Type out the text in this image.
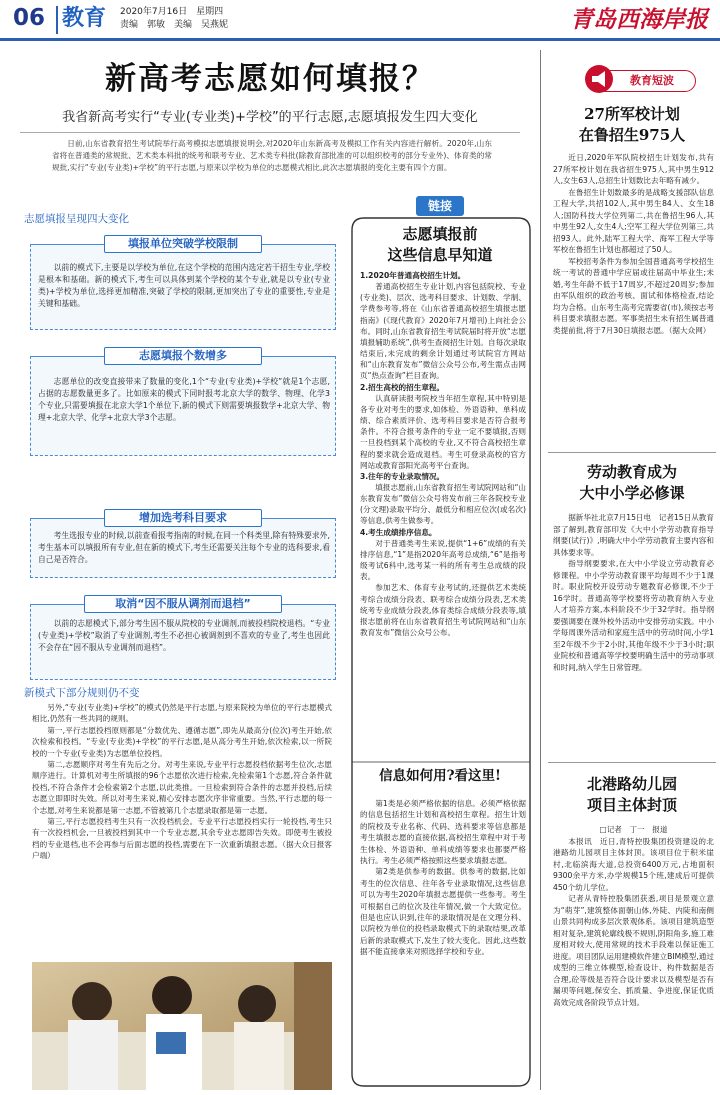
06 教育	2020年7月16日　星期四
责编　郭敏　美编　吴燕妮	青岛西海岸报
新高考志愿如何填报？
我省新高考实行“专业(专业类)+学校”的平行志愿,志愿填报发生四大变化

日前,山东省教育招生考试院举行高考模拟志愿填报说明会,对2020年山东新高考及模拟工作有关内容进行解析。2020年,山东省将在普通类的常规批、艺术类本科批的统考和联考专业、艺术类专科批(除教育部批准的可以组织校考的部分专业外)、体育类的常规批,实行“专业(专业类)+学校”的平行志愿,与原来以学校为单位的志愿模式相比,此次志愿填报的变化主要有四个方面。

志愿填报呈现四大变化
填报单位突破学校限制

以前的模式下,主要是以学校为单位,在这个学校的范围内选定若干招生专业,学校是根本和基础。新的模式下,考生可以具体到某个学校的某个专业,就是以专业(专业类)+学校为单位,选择更加精准,突破了学校的限制,更加突出了专业的重要性,专业是关键和基础。

志愿填报个数增多

志愿单位的改变直接带来了数量的变化,1个“专业(专业类)+学校”就是1个志愿,占据的志愿数量更多了。比如原来的模式下同时报考北京大学的数学、物理、化学3个专业,只需要填报在北京大学1个单位下,新的模式下则需要填报数学+北京大学、物理+北京大学、化学+北京大学3个志愿。

增加选考科目要求

考生选报专业的时候,以前查看报考指南的时候,在同一个科类里,除有特殊要求外,考生基本可以填报所有专业,但在新的模式下,考生还需要关注每个专业的选科要求,看自己是否符合。

取消“因不服从调剂而退档”

以前的志愿模式下,部分考生因不服从院校的专业调剂,而被投档院校退档。“专业(专业类)+学校”取消了专业调剂,考生不必担心被调剂到不喜欢的专业了,考生也因此不会存在“因不服从专业调剂而退档”。

新模式下部分规则仍不变

另外,“专业(专业类)+学校”的模式仍然是平行志愿,与原来院校为单位的平行志愿模式相比,仍然有一些共同的规则。

第一,平行志愿投档原则都是“分数优先、遵循志愿”,即先从最高分(位次)考生开始,依次检索和投档。“专业(专业类)+学校”的平行志愿,是从高分考生开始,依次检索,以一所院校的一个专业(专业类)为志愿单位投档。

第二,志愿顺序对考生有先后之分。对考生来说,专业平行志愿投档依据考生位次,志愿顺序进行。计算机对考生所填报的96个志愿依次进行检索,先检索第1个志愿,符合条件就投档,不符合条件才会检索第2个志愿,以此类推。一旦检索到符合条件的志愿并投档,后续志愿立即即时失效。所以对考生来说,精心安排志愿次序非常重要。当然,平行志愿的每一个志愿,对考生来说都是第一志愿,不管被第几个志愿录取都是第一志愿。

第三,平行志愿投档考生只有一次投档机会。专业平行志愿投档实行一轮投档,考生只有一次投档机会,一旦被投档到其中一个专业志愿,其余专业志愿即告失效。即使考生被投档的专业退档,也不会再参与后面志愿的投档,需要在下一次重新填报志愿。（据大众日报客户端）

链接
志愿填报前
这些信息早知道

1.2020年普通高校招生计划。

普通高校招生专业计划,内容包括院校、专业(专业类)、层次、选考科目要求、计划数、学制、学费参考等,将在《山东省普通高校招生填报志愿指南》(《现代教育》2020年7月增刊)上向社会公布。同时,山东省教育招生考试院届时将开放“志愿填报辅助系统”,供考生查阅招生计划。自每次录取结束后,未完成的剩余计划通过考试院官方网站和“山东教育发布”微信公众号公布,考生需点击网页“热点查询”栏目查询。

2.招生高校的招生章程。

认真研读报考院校当年招生章程,其中特别是各专业对考生的要求,如体检、外语语种、单科成绩、综合素质评价、选考科目要求是否符合报考条件。不符合报考条件的专业一定不要填报,否则一旦投档到某个高校的专业,又不符合高校招生章程的要求就会造成退档。考生可登录高校的官方网站或教育部阳光高考平台查询。

3.往年的专业录取情况。

填报志愿前,山东省教育招生考试院网站和“山东教育发布”微信公众号将发布前三年各院校专业(分文理)录取平均分、最低分和相应位次(或名次)等信息,供考生做参考。

4.考生成绩排序信息。

对于普通类考生来说,提供“1+6”成绩的有关排序信息,“1”是指2020年高考总成绩,“6”是指考级考试6科中,选考某一科的所有考生总成绩的段表。

参加艺术、体育专业考试的,还提供艺术类统考综合成绩分段表、联考综合成绩分段表,艺术类统考专业成绩分段表,体育类综合成绩分段表等,填报志愿前将在山东省教育招生考试院网站和“山东教育发布”微信公众号公布。

信息如何用?看这里!

第1类是必须严格依据的信息。必须严格依据的信息包括招生计划和高校招生章程。招生计划的院校及专业名称、代码、选科要求等信息都是考生填报志愿的直接依据,高校招生章程中对于考生体检、外语语种、单科成绩等要求也都要严格执行。考生必须严格按照这些要求填报志愿。

第2类是供参考的数据。供参考的数据,比如考生的位次信息、往年各专业录取情况,这些信息可以为考生2020年填报志愿提供一些参考。考生可根据自己的位次及往年情况,做一个大致定位。但是也应认识到,往年的录取情况是在文理分科、以院校为单位的投档录取模式下的录取结果,改革后新的录取模式下,发生了较大变化。因此,这些数据不能直接拿来对照选择学校和专业。

教育短波
27所军校计划
在鲁招生975人

近日,2020年军队院校招生计划发布,共有27所军校计划在我省招生975人,其中男生912人,女生63人,总招生计划数比去年略有减少。

在鲁招生计划数最多的是战略支援部队信息工程大学,共招102人,其中男生84人、女生18人;国防科技大学位列第二,共在鲁招生96人,其中男生92人,女生4人;空军工程大学位列第三,共招93人。此外,陆军工程大学、海军工程大学等军校在鲁招生计划也都超过了50人。

军校招考条件为参加全国普通高考学校招生统一考试的普通中学应届或往届高中毕业生;未婚,考生年龄不低于17周岁,不超过20周岁;参加由军队组织的政治考核、面试和体格检查,结论均为合格。山东考生高考完需要省(市),须按志考科目要求填报志愿。军事类招生未有招生属普通类提前批,将于7月30日填报志愿。（据大众网）

劳动教育成为
大中小学必修课

据新华社北京7月15日电　记者15日从教育部了解到,教育部印发《大中小学劳动教育指导纲要(试行)》,明确大中小学劳动教育主要内容和具体要求等。

指导纲要要求,在大中小学设立劳动教育必修课程。中小学劳动教育课平均每周不少于1课时。职业院校开设劳动专题教育必修课,不少于16学时。普通高等学校要将劳动教育纳入专业人才培养方案,本科阶段不少于32学时。指导纲要强调要在课外校外活动中安排劳动实践。中小学每周课外活动和家庭生活中的劳动时间,小学1至2年级不少于2小时,其他年级不少于3小时;职业院校和普通高等学校要明确生活中的劳动事项和时间,纳入学生日常管理。

北港路幼儿园
项目主体封顶
□记者　丁一　报道

本报讯　近日,青特控股集团投资建设的北港路幼儿园项目主体封顶。该项目位于积米崖村,北临滨海大道,总投资6400万元,占地面积9300余平方米,办学规模15个班,建成后可提供450个幼儿学位。

记者从青特控股集团获悉,项目是景观立意为“萌芽”,建筑整体面朝山体,外陡、内陡和南侧山景共同构成多层次景观体系。该项目建筑造型相对复杂,建筑轮廓线极不规则,阴阳角多,施工难度相对较大,使用常规的技术手段难以保证施工进度。项目团队运用建模软件建立BIM模型,通过成型的三维立体模型,检查设计、构件数据是否合理,砼等级是否符合设计要求以及模型是否有漏项等问题,保安全、抓质量、争进度,保证优质高效完成各阶段节点计划。
